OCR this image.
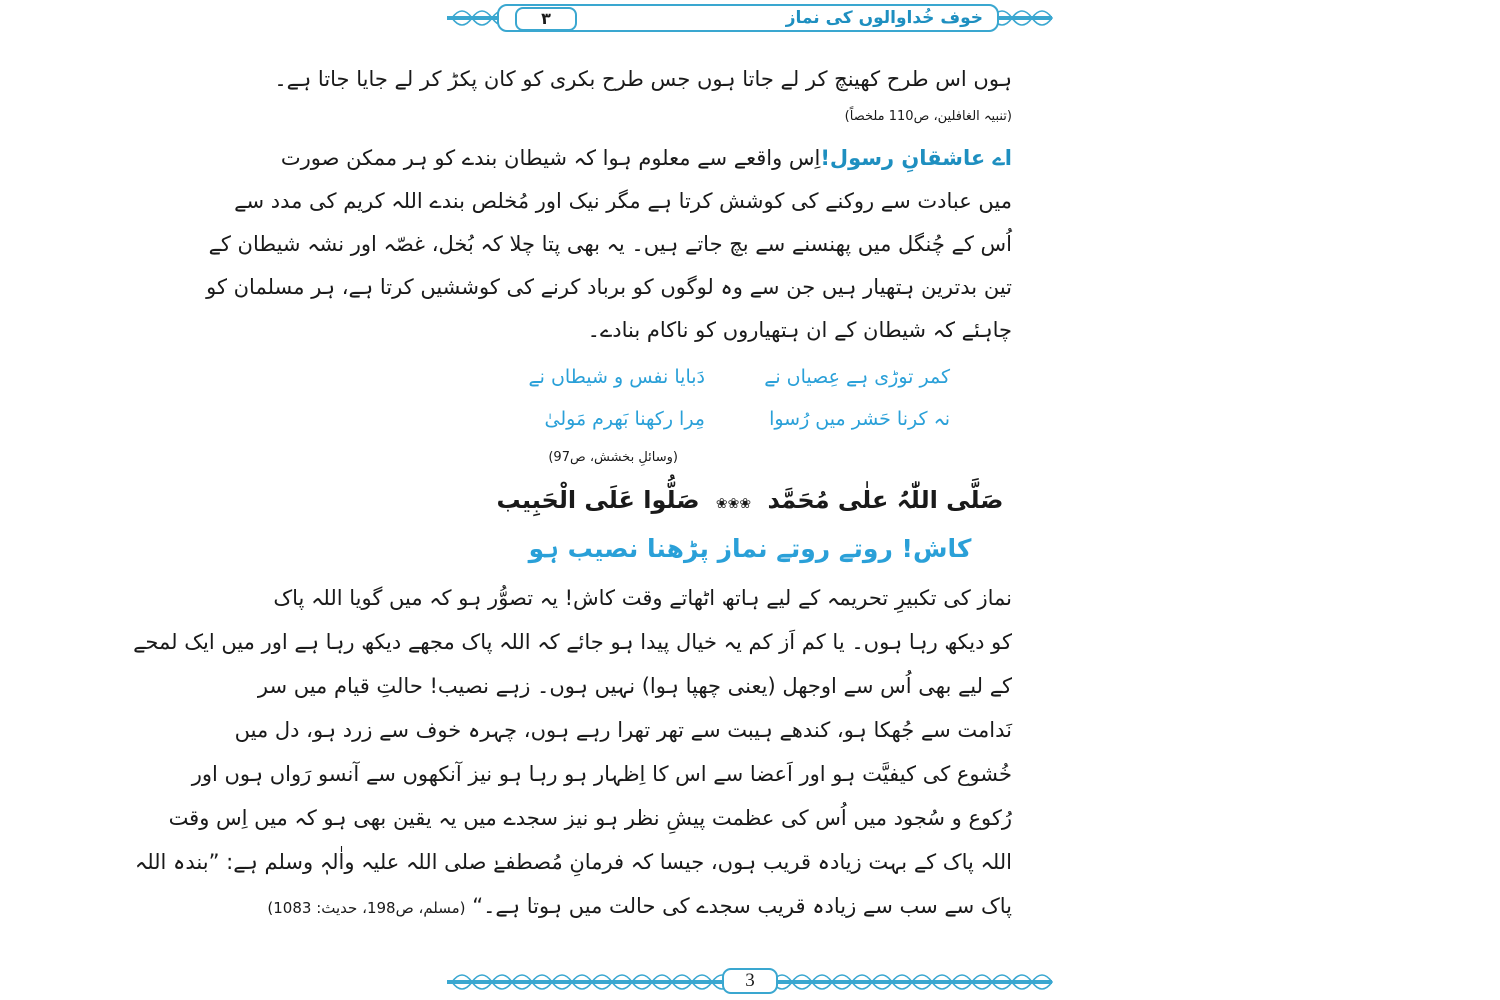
۳	خوف خُداوالوں کی نماز
ہوں اس طرح کھینچ کر لے جاتا ہوں جس طرح بکری کو کان پکڑ کر لے جایا جاتا ہے۔
(تنبیہ الغافلین، ص110 ملخصاً)
اے عاشقانِ رسول!اِس واقعے سے معلوم ہوا کہ شیطان بندے کو ہر ممکن صورت
میں عبادت سے روکنے کی کوشش کرتا ہے مگر نیک اور مُخلص بندے اللہ کریم کی مدد سے
اُس کے چُنگل میں پھنسنے سے بچ جاتے ہیں۔ یہ بھی پتا چلا کہ بُخل، غصّہ اور نشہ شیطان کے
تین بدترین ہتھیار ہیں جن سے وہ لوگوں کو برباد کرنے کی کوششیں کرتا ہے، ہر مسلمان کو
چاہئے کہ شیطان کے ان ہتھیاروں کو ناکام بنادے۔
دَبایا نفس و شیطاں نے	کمر توڑی ہے عِصیاں نے
مِرا رکھنا بَھرم مَولیٰ	نہ کرنا حَشر میں رُسوا
(وسائلِ بخشش، ص97)
صَلَّی اللّٰہُ علٰی مُحَمَّد ❀❀❀ صَلُّوا عَلَی الْحَبِیب
کاش! روتے روتے نماز پڑھنا نصیب ہو
نماز کی تکبیرِ تحریمہ کے لیے ہاتھ اٹھاتے وقت کاش! یہ تصوُّر ہو کہ میں گویا اللہ پاک
کو دیکھ رہا ہوں۔ یا کم اَز کم یہ خیال پیدا ہو جائے کہ اللہ پاک مجھے دیکھ رہا ہے اور میں ایک لمحے
کے لیے بھی اُس سے اوجھل (یعنی چھپا ہوا) نہیں ہوں۔ زہے نصیب! حالتِ قیام میں سر
نَدامت سے جُھکا ہو، کندھے ہیبت سے تھر تھرا رہے ہوں، چہرہ خوف سے زرد ہو، دل میں
خُشوع کی کیفیَّت ہو اور اَعضا سے اس کا اِظہار ہو رہا ہو نیز آنکھوں سے آنسو رَواں ہوں اور
رُکوع و سُجود میں اُس کی عظمت پیشِ نظر ہو نیز سجدے میں یہ یقین بھی ہو کہ میں اِس وقت
اللہ پاک کے بہت زیادہ قریب ہوں، جیسا کہ فرمانِ مُصطفےٰ صلی اللہ علیہ واٰلہٖ وسلم ہے: ”بندہ اللہ
پاک سے سب سے زیادہ قریب سجدے کی حالت میں ہوتا ہے۔“ (مسلم، ص198، حدیث: 1083)
3
